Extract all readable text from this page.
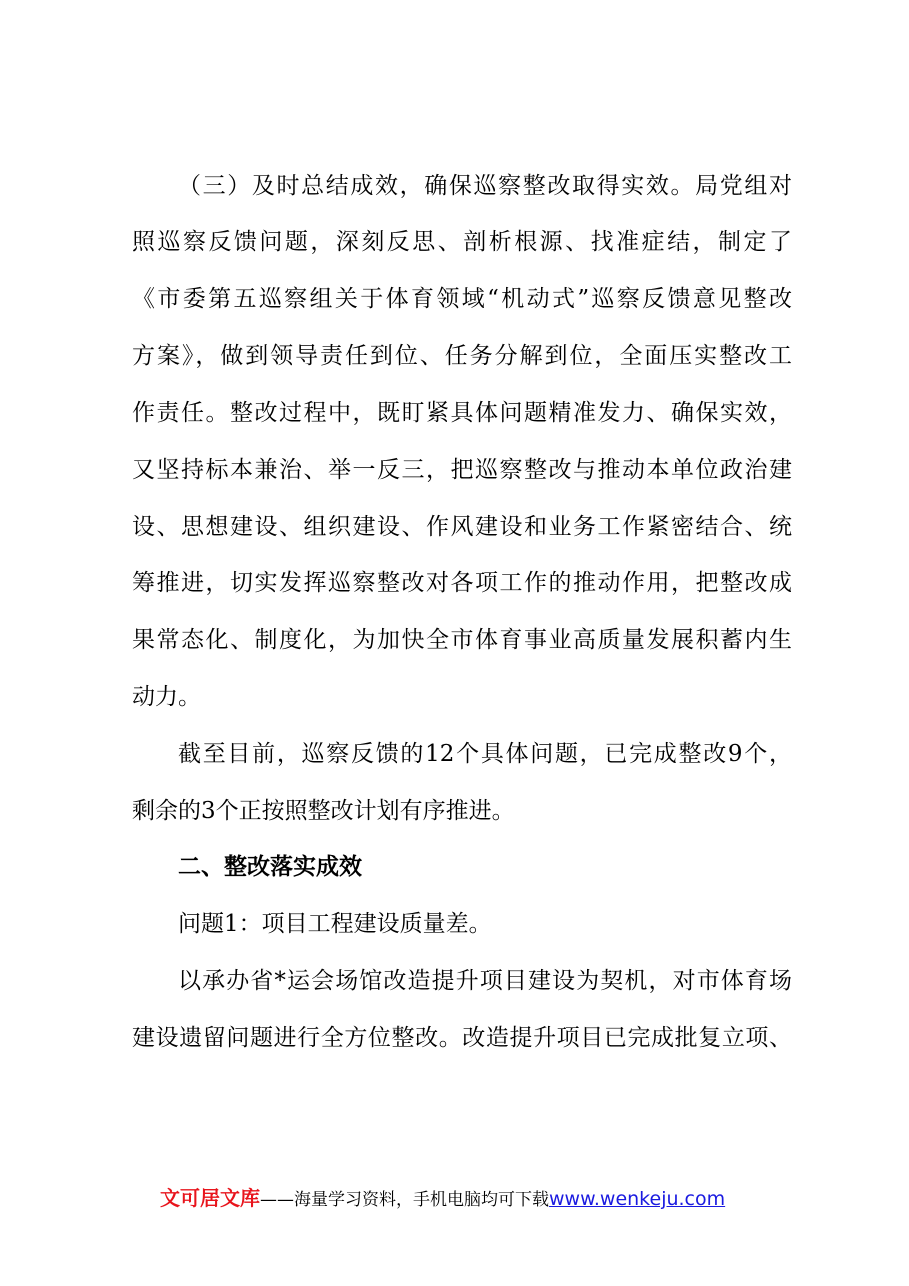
（三）及时总结成效，确保巡察整改取得实效。局党组对
照巡察反馈问题，深刻反思、剖析根源、找准症结，制定了
《市委第五巡察组关于体育领域“机动式”巡察反馈意见整改
方案》，做到领导责任到位、任务分解到位，全面压实整改工
作责任。整改过程中，既盯紧具体问题精准发力、确保实效，
又坚持标本兼治、举一反三，把巡察整改与推动本单位政治建
设、思想建设、组织建设、作风建设和业务工作紧密结合、统
筹推进，切实发挥巡察整改对各项工作的推动作用，把整改成
果常态化、制度化，为加快全市体育事业高质量发展积蓄内生
动力。
截至目前，巡察反馈的12个具体问题，已完成整改9个，
剩余的3个正按照整改计划有序推进。
二、整改落实成效
问题1：项目工程建设质量差。
以承办省*运会场馆改造提升项目建设为契机，对市体育场
建设遗留问题进行全方位整改。改造提升项目已完成批复立项、
文可居文库——海量学习资料，手机电脑均可下载www.wenkeju.com
